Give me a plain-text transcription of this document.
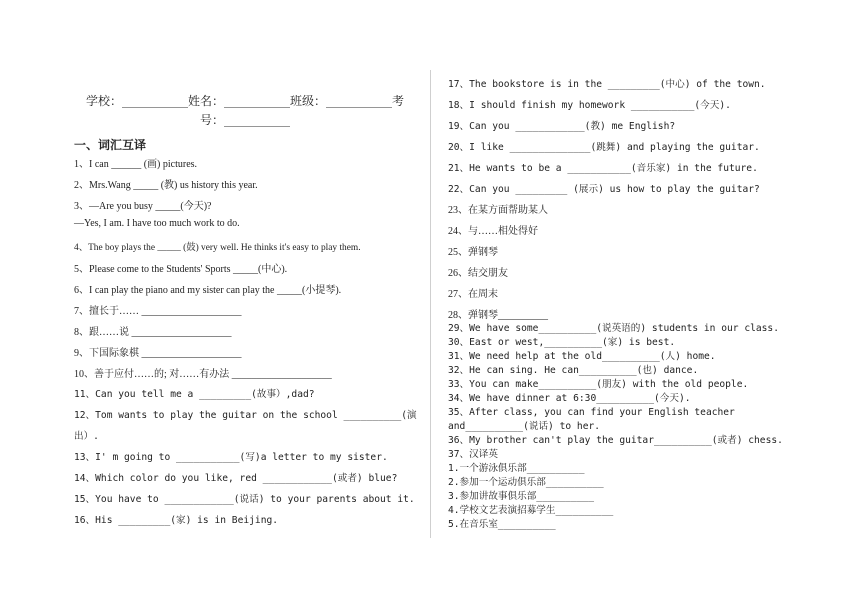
学校：___________姓名：___________班级：___________考号：___________
一、词汇互译
1、I can ______ (画) pictures.
2、Mrs.Wang _____ (教) us history this year.
3、—Are you busy _____(今天)?
—Yes, I am. I have too much work to do.
4、The boy plays the _____ (鼓) very well. He thinks it's easy to play them.
5、Please come to the Students' Sports _____(中心).
6、I can play the piano and my sister can play the _____(小提琴).
7、擅长于…… ____________________
8、跟……说 ____________________
9、下国际象棋 ____________________
10、善于应付……的; 对……有办法 ____________________
11、Can you tell me a _________(故事）,dad?
12、Tom wants to play the guitar on the school __________(演
出）.
13、I' m going to ___________(写)a letter to my sister.
14、Which color do you like, red ____________(或者) blue?
15、You have to ____________(说话) to your parents about it.
16、His _________(家) is in Beijing.
17、The bookstore is in the _________(中心) of the town.
18、I should finish my homework ___________(今天).
19、Can you ____________(教) me English?
20、I like ______________(跳舞) and playing the guitar.
21、He wants to be a ___________(音乐家) in the future.
22、Can you _________ (展示) us how to play the guitar?
23、在某方面帮助某人
24、与……相处得好
25、弹钢琴
26、结交朋友
27、在周末
28、弹钢琴__________
29、We have some__________(说英语的) students in our class.
30、East or west,__________(家) is best.
31、We need help at the old__________(人) home.
32、He can sing. He can__________(也) dance.
33、You can make__________(朋友) with the old people.
34、We have dinner at 6:30__________(今天).
35、After class, you can find your English teacher
and__________(说话) to her.
36、My brother can't play the guitar__________(或者) chess.
37、汉译英
1.一个游泳俱乐部__________
2.参加一个运动俱乐部__________
3.参加讲故事俱乐部__________
4.学校文艺表演招募学生__________
5.在音乐室__________
